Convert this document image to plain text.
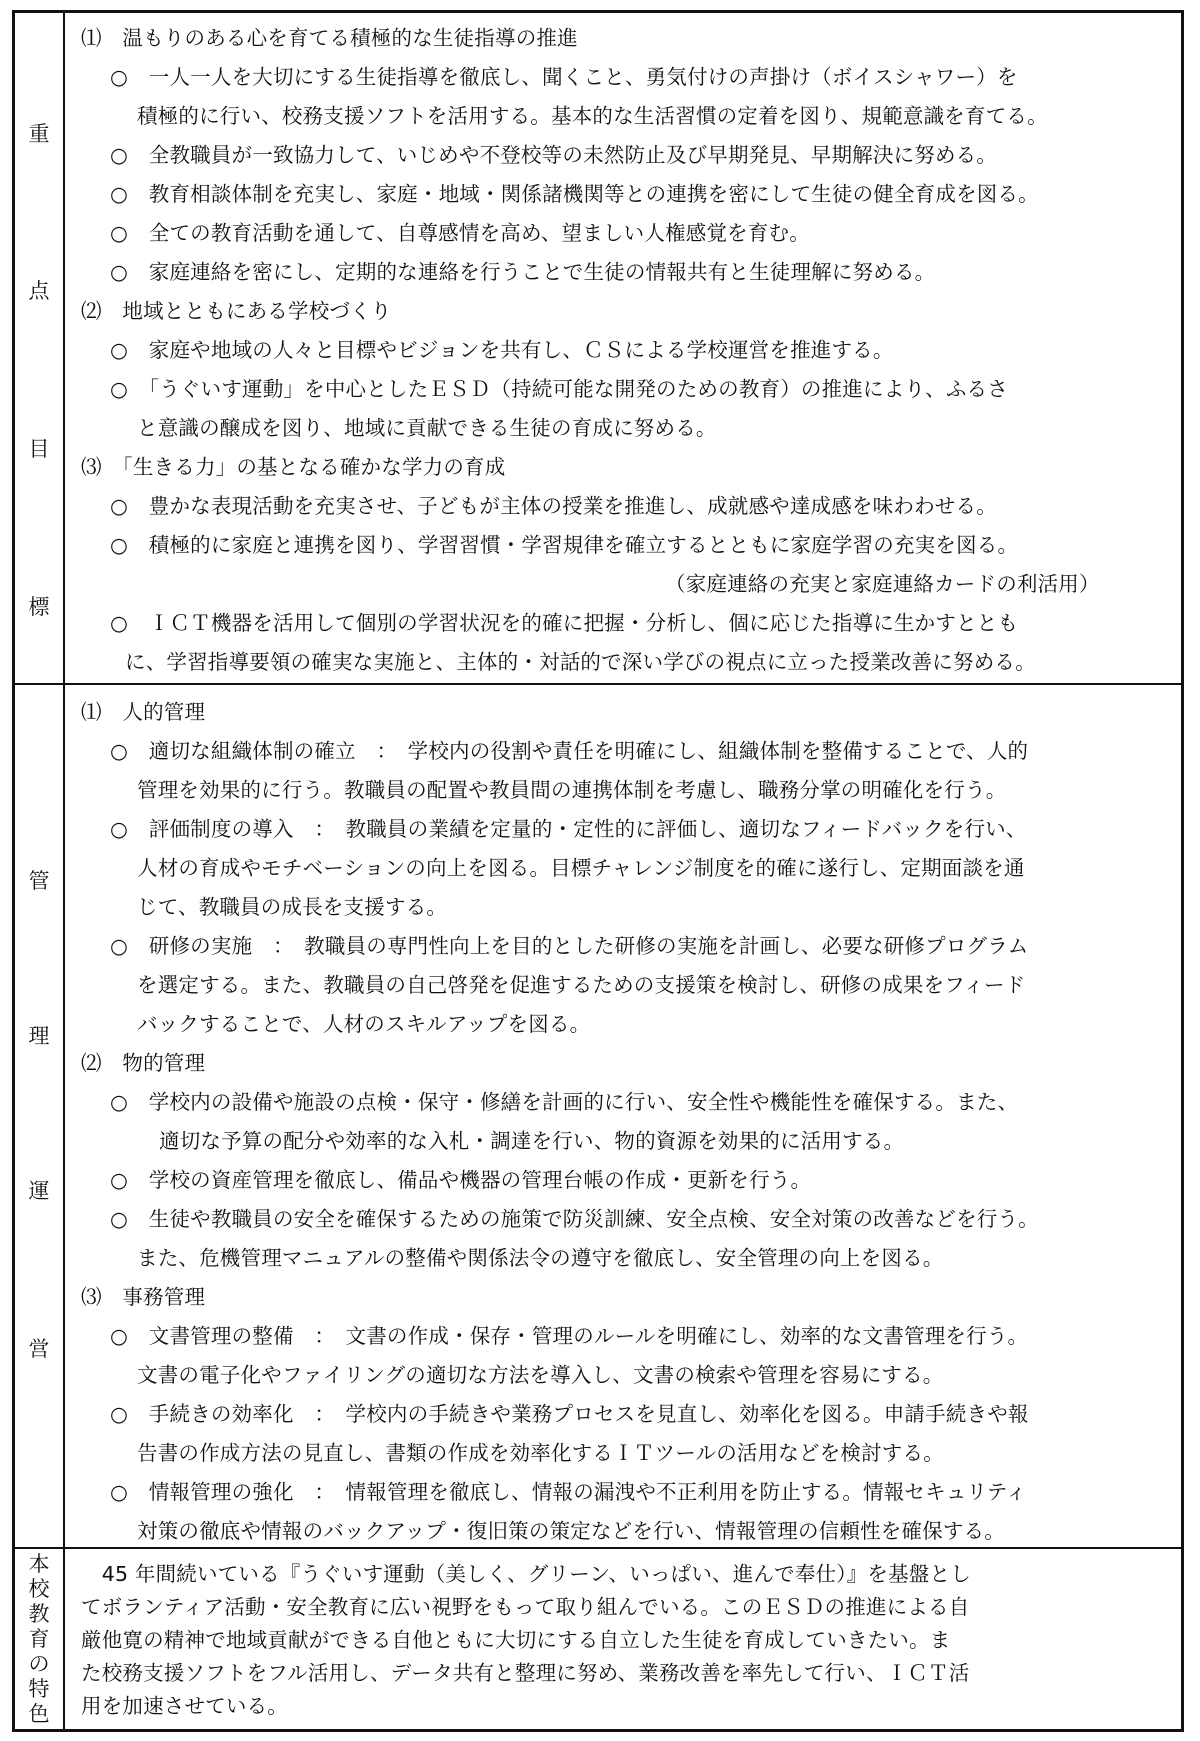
重
点
目
標
⑴　温もりのある心を育てる積極的な生徒指導の推進
○　一人一人を大切にする生徒指導を徹底し、聞くこと、勇気付けの声掛け（ボイスシャワー）を
積極的に行い、校務支援ソフトを活用する。基本的な生活習慣の定着を図り、規範意識を育てる。
○　全教職員が一致協力して、いじめや不登校等の未然防止及び早期発見、早期解決に努める。
○　教育相談体制を充実し、家庭・地域・関係諸機関等との連携を密にして生徒の健全育成を図る。
○　全ての教育活動を通して、自尊感情を高め、望ましい人権感覚を育む。
○　家庭連絡を密にし、定期的な連絡を行うことで生徒の情報共有と生徒理解に努める。
⑵　地域とともにある学校づくり
○　家庭や地域の人々と目標やビジョンを共有し、ＣＳによる学校運営を推進する。
○　「うぐいす運動」を中心としたＥＳＤ（持続可能な開発のための教育）の推進により、ふるさ
と意識の醸成を図り、地域に貢献できる生徒の育成に努める。
⑶　「生きる力」の基となる確かな学力の育成
○　豊かな表現活動を充実させ、子どもが主体の授業を推進し、成就感や達成感を味わわせる。
○　積極的に家庭と連携を図り、学習習慣・学習規律を確立するとともに家庭学習の充実を図る。
（家庭連絡の充実と家庭連絡カードの利活用）
○　ＩＣＴ機器を活用して個別の学習状況を的確に把握・分析し、個に応じた指導に生かすととも
に、学習指導要領の確実な実施と、主体的・対話的で深い学びの視点に立った授業改善に努める。
管
理
運
営
⑴　人的管理
○　適切な組織体制の確立　：　学校内の役割や責任を明確にし、組織体制を整備することで、人的
管理を効果的に行う。教職員の配置や教員間の連携体制を考慮し、職務分掌の明確化を行う。
○　評価制度の導入　：　教職員の業績を定量的・定性的に評価し、適切なフィードバックを行い、
人材の育成やモチベーションの向上を図る。目標チャレンジ制度を的確に遂行し、定期面談を通
じて、教職員の成長を支援する。
○　研修の実施　：　教職員の専門性向上を目的とした研修の実施を計画し、必要な研修プログラム
を選定する。また、教職員の自己啓発を促進するための支援策を検討し、研修の成果をフィード
バックすることで、人材のスキルアップを図る。
⑵　物的管理
○　学校内の設備や施設の点検・保守・修繕を計画的に行い、安全性や機能性を確保する。また、
適切な予算の配分や効率的な入札・調達を行い、物的資源を効果的に活用する。
○　学校の資産管理を徹底し、備品や機器の管理台帳の作成・更新を行う。
○　生徒や教職員の安全を確保するための施策で防災訓練、安全点検、安全対策の改善などを行う。
また、危機管理マニュアルの整備や関係法令の遵守を徹底し、安全管理の向上を図る。
⑶　事務管理
○　文書管理の整備　：　文書の作成・保存・管理のルールを明確にし、効率的な文書管理を行う。
文書の電子化やファイリングの適切な方法を導入し、文書の検索や管理を容易にする。
○　手続きの効率化　：　学校内の手続きや業務プロセスを見直し、効率化を図る。申請手続きや報
告書の作成方法の見直し、書類の作成を効率化するＩＴツールの活用などを検討する。
○　情報管理の強化　：　情報管理を徹底し、情報の漏洩や不正利用を防止する。情報セキュリティ
対策の徹底や情報のバックアップ・復旧策の策定などを行い、情報管理の信頼性を確保する。
本
校
教
育
の
特
色
　45 年間続いている『うぐいす運動（美しく、グリーン、いっぱい、進んで奉仕）』を基盤とし
てボランティア活動・安全教育に広い視野をもって取り組んでいる。このＥＳＤの推進による自
厳他寛の精神で地域貢献ができる自他ともに大切にする自立した生徒を育成していきたい。ま
た校務支援ソフトをフル活用し、データ共有と整理に努め、業務改善を率先して行い、ＩＣＴ活
用を加速させている。
